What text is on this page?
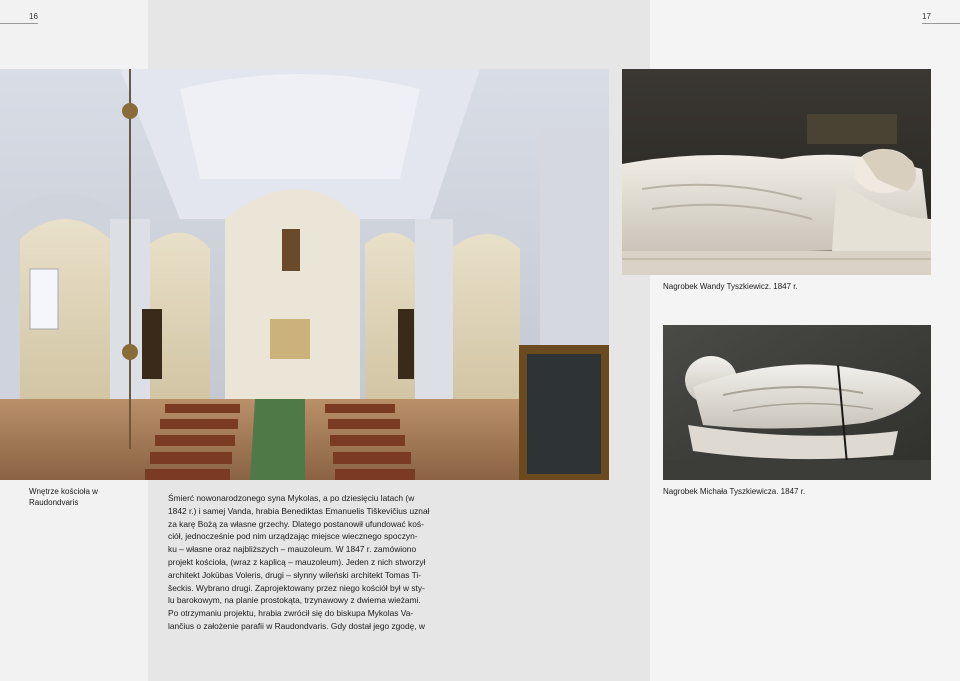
16	17
Nagrobek Wandy Tyszkiewicz. 1847 r.
Nagrobek Michała Tyszkiewicza. 1847 r.
Wnętrze kościoła w
Raudondvaris	Śmierć nowonarodzonego syna Mykolas, a po dziesięciu latach (w
1842 r.) i samej Vanda, hrabia Benediktas Emanuelis Tiškevičius uznał
za karę Bożą za własne grzechy. Dlatego postanowił ufundować koś-
ciół, jednocześnie pod nim urządzając miejsce wiecznego spoczyn-
ku – własne oraz najbliższych – mauzoleum. W 1847 r. zamówiono
projekt kościoła, (wraz z kaplicą – mauzoleum). Jeden z nich stworzył
architekt Jokūbas Voleris, drugi – słynny wileński architekt Tomas Ti-
šeckis. Wybrano drugi. Zaprojektowany przez niego kościół był w sty-
lu barokowym, na planie prostokąta, trzynawowy z dwiema wieżami.
Po otrzymaniu projektu, hrabia zwrócił się do biskupa Mykolas Va-
lančius o założenie parafii w Raudondvaris. Gdy dostał jego zgodę, w
